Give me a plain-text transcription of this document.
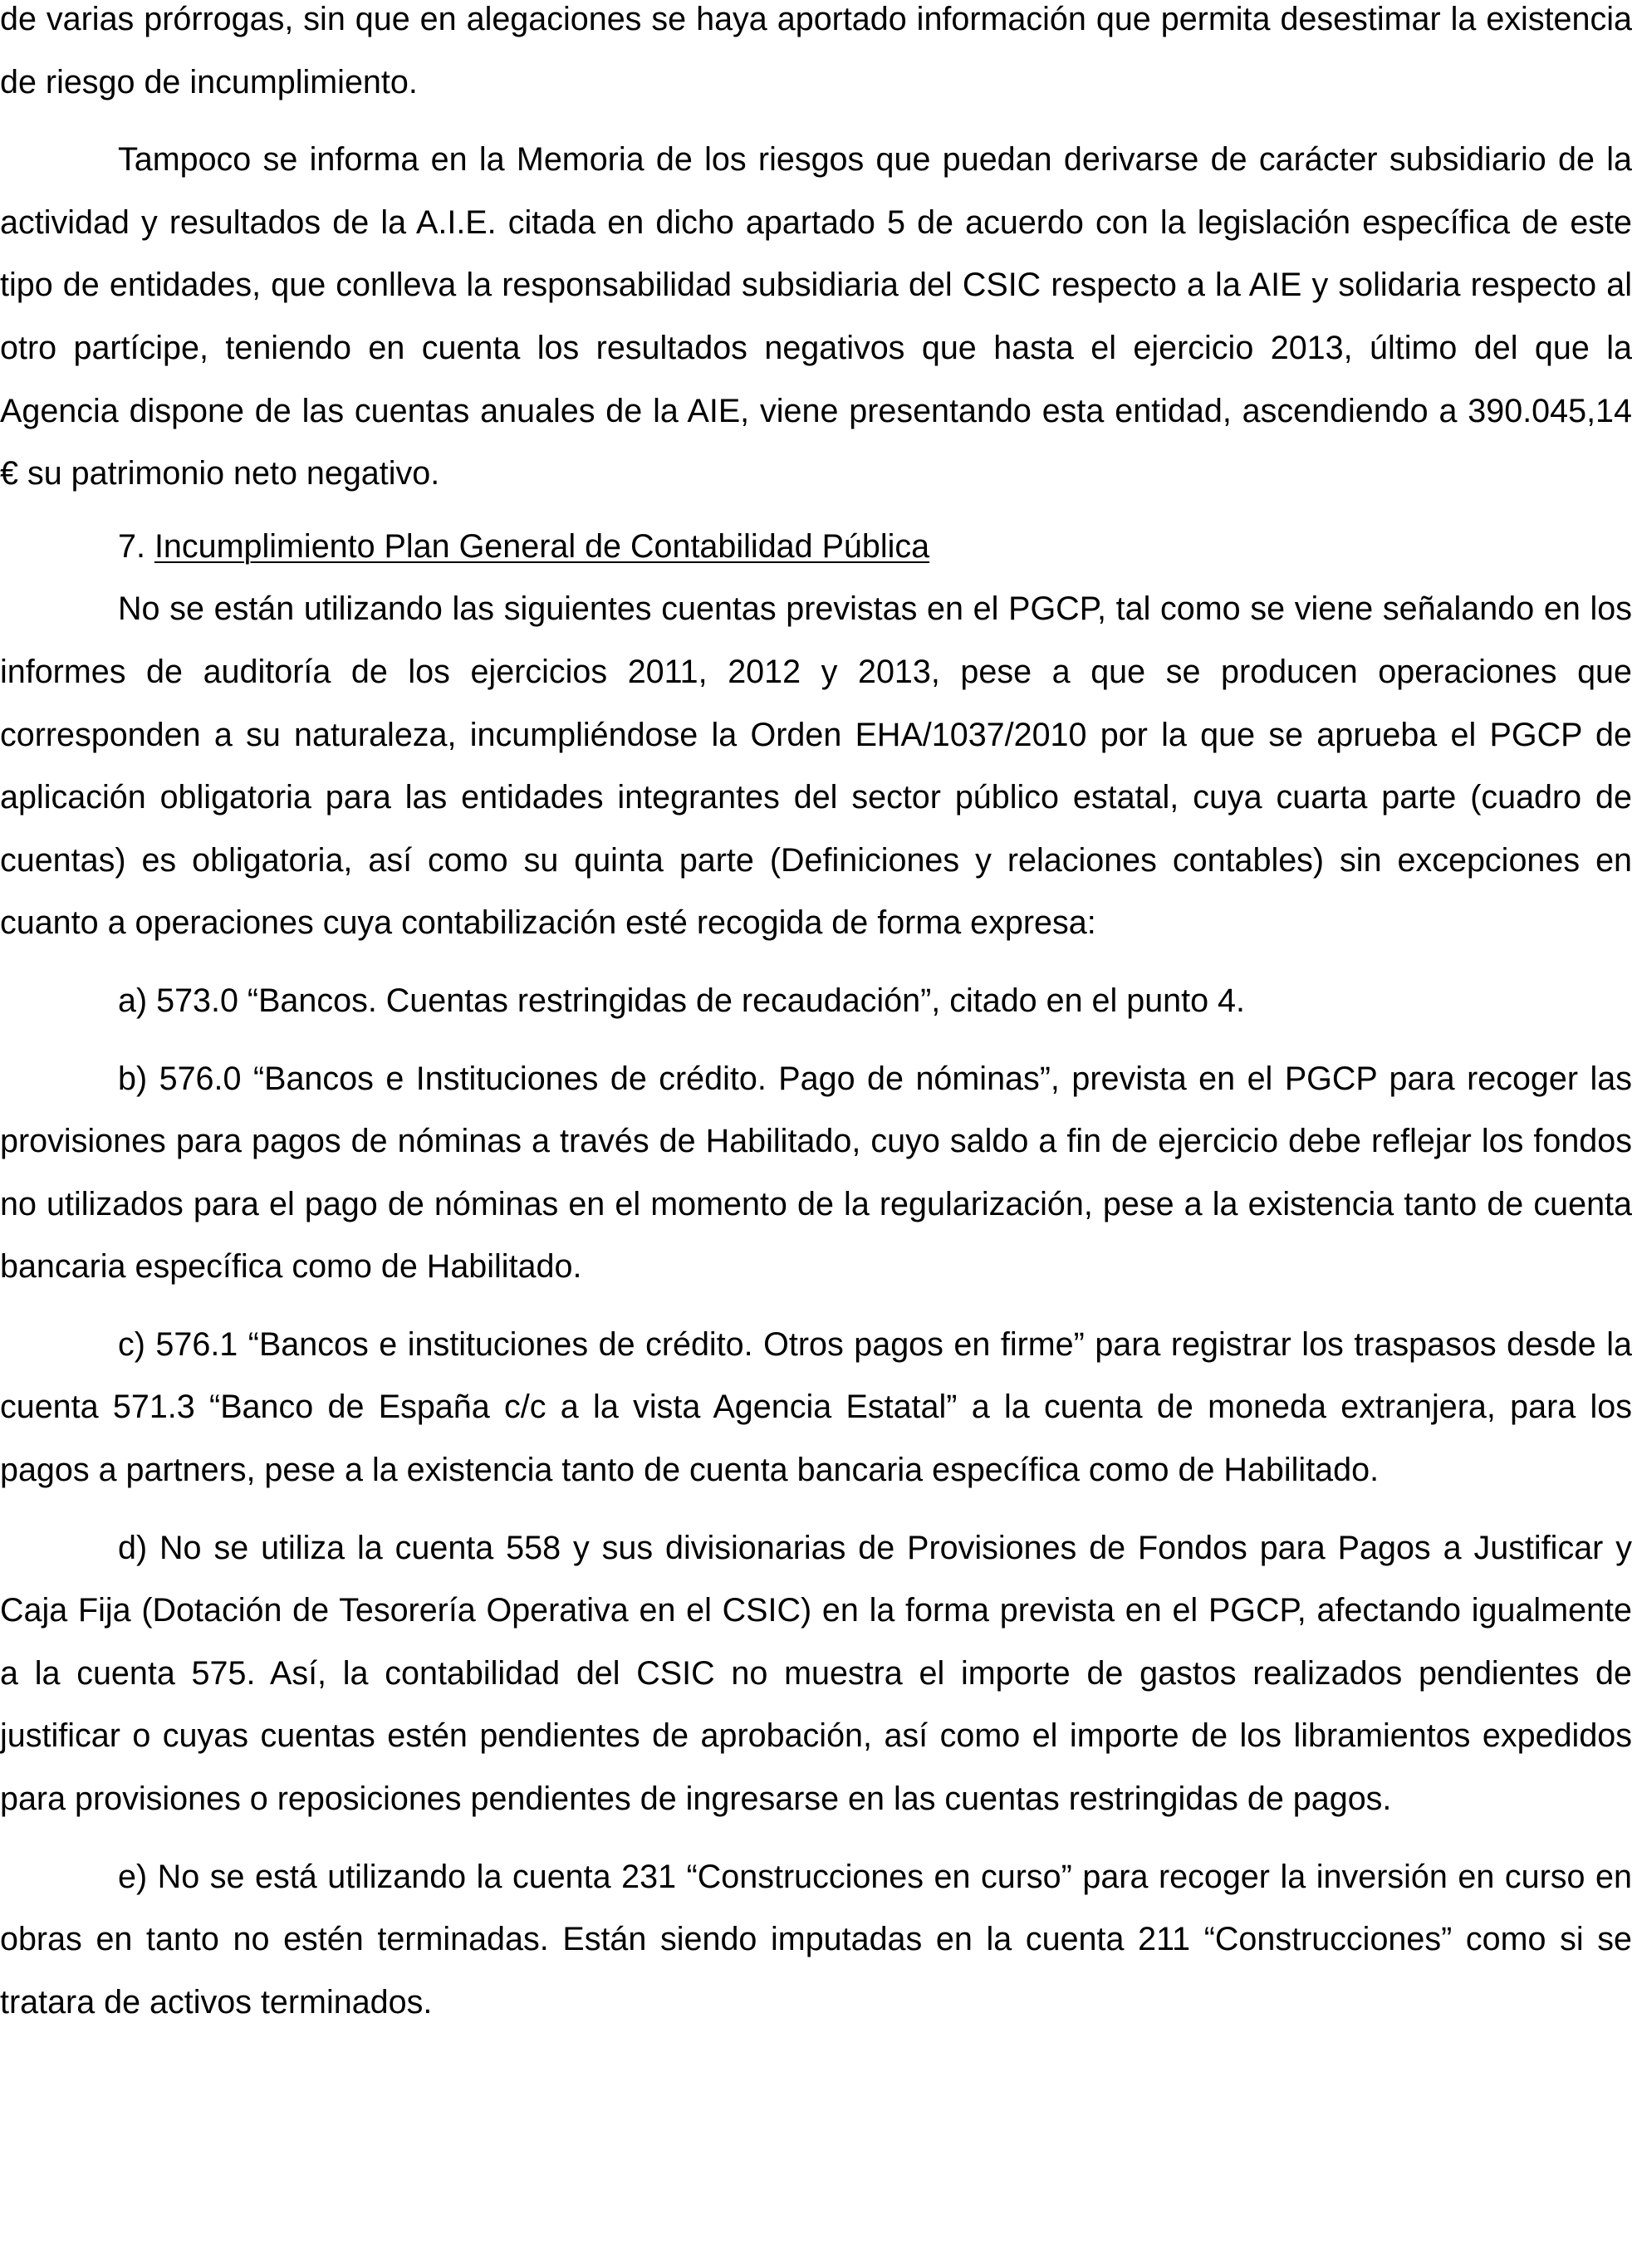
de varias prórrogas, sin que en alegaciones se haya aportado información que permita desestimar la existencia de riesgo de incumplimiento.

Tampoco se informa en la Memoria de los riesgos que puedan derivarse de carácter subsidiario de la actividad y resultados de la A.I.E. citada en dicho apartado 5 de acuerdo con la legislación específica de este tipo de entidades, que conlleva la responsabilidad subsidiaria del CSIC respecto a la AIE y solidaria respecto al otro partícipe, teniendo en cuenta los resultados negativos que hasta el ejercicio 2013, último del que la Agencia dispone de las cuentas anuales de la AIE, viene presentando esta entidad, ascendiendo a 390.045,14 € su patrimonio neto negativo.

7. Incumplimiento Plan General de Contabilidad Pública

No se están utilizando las siguientes cuentas previstas en el PGCP, tal como se viene señalando en los informes de auditoría de los ejercicios 2011, 2012 y 2013, pese a que se producen operaciones que corresponden a su naturaleza, incumpliéndose la Orden EHA/1037/2010 por la que se aprueba el PGCP de aplicación obligatoria para las entidades integrantes del sector público estatal, cuya cuarta parte (cuadro de cuentas) es obligatoria, así como su quinta parte (Definiciones y relaciones contables) sin excepciones en cuanto a operaciones cuya contabilización esté recogida de forma expresa:

a) 573.0 “Bancos. Cuentas restringidas de recaudación”, citado en el punto 4.

b) 576.0 “Bancos e Instituciones de crédito. Pago de nóminas”, prevista en el PGCP para recoger las provisiones para pagos de nóminas a través de Habilitado, cuyo saldo a fin de ejercicio debe reflejar los fondos no utilizados para el pago de nóminas en el momento de la regularización, pese a la existencia tanto de cuenta bancaria específica como de Habilitado.

c) 576.1 “Bancos e instituciones de crédito. Otros pagos en firme” para registrar los traspasos desde la cuenta 571.3 “Banco de España c/c a la vista Agencia Estatal” a la cuenta de moneda extranjera, para los pagos a partners, pese a la existencia tanto de cuenta bancaria específica como de Habilitado.

d) No se utiliza la cuenta 558 y sus divisionarias de Provisiones de Fondos para Pagos a Justificar y Caja Fija (Dotación de Tesorería Operativa en el CSIC) en la forma prevista en el PGCP, afectando igualmente a la cuenta 575. Así, la contabilidad del CSIC no muestra el importe de gastos realizados pendientes de justificar o cuyas cuentas estén pendientes de aprobación, así como el importe de los libramientos expedidos para provisiones o reposiciones pendientes de ingresarse en las cuentas restringidas de pagos.

e) No se está utilizando la cuenta 231 “Construcciones en curso” para recoger la inversión en curso en obras en tanto no estén terminadas. Están siendo imputadas en la cuenta 211 “Construcciones” como si se tratara de activos terminados.
